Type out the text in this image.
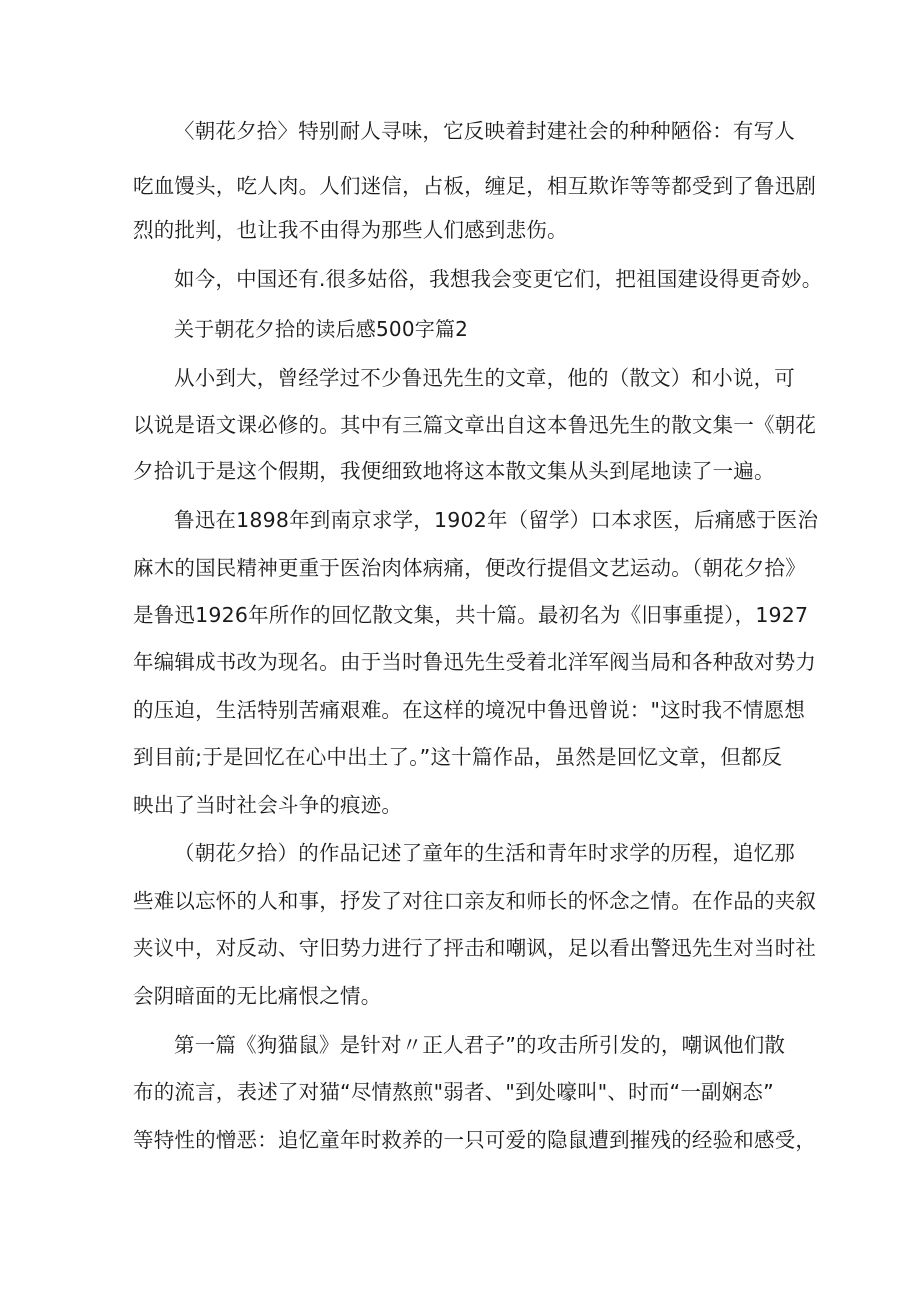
〈朝花夕拾〉特别耐人寻味，它反映着封建社会的种种陋俗：有写人
吃血馒头，吃人肉。人们迷信，占板，缠足，相互欺诈等等都受到了鲁迅剧
烈的批判，也让我不由得为那些人们感到悲伤。
如今，中国还有.很多姑俗，我想我会变更它们，把祖国建设得更奇妙。
关于朝花夕拾的读后感500字篇2
从小到大，曾经学过不少鲁迅先生的文章，他的（散文）和小说，可
以说是语文课必修的。其中有三篇文章出自这本鲁迅先生的散文集一《朝花
夕拾讥于是这个假期，我便细致地将这本散文集从头到尾地读了一遍。
鲁迅在1898年到南京求学，1902年（留学）口本求医，后痛感于医治
麻木的国民精神更重于医治肉体病痛，便改行提倡文艺运动。（朝花夕拾》
是鲁迅1926年所作的回忆散文集，共十篇。最初名为《旧事重提），1927
年编辑成书改为现名。由于当时鲁迅先生受着北洋军阀当局和各种敌对势力
的压迫，生活特别苦痛艰难。在这样的境况中鲁迅曾说："这时我不情愿想
到目前;于是回忆在心中出土了。”这十篇作品，虽然是回忆文章，但都反
映出了当时社会斗争的痕迹。
（朝花夕拾）的作品记述了童年的生活和青年时求学的历程，追忆那
些难以忘怀的人和事，抒发了对往口亲友和师长的怀念之情。在作品的夹叙
夹议中，对反动、守旧势力进行了抨击和嘲讽，足以看出警迅先生对当时社
会阴暗面的无比痛恨之情。
第一篇《狗猫鼠》是针对〃正人君子”的攻击所引发的，嘲讽他们散
布的流言，表述了对猫“尽情熬煎"弱者、"到处嚎叫"、时而“一副娴态”
等特性的憎恶：追忆童年时救养的一只可爱的隐鼠遭到摧残的经验和感受，
